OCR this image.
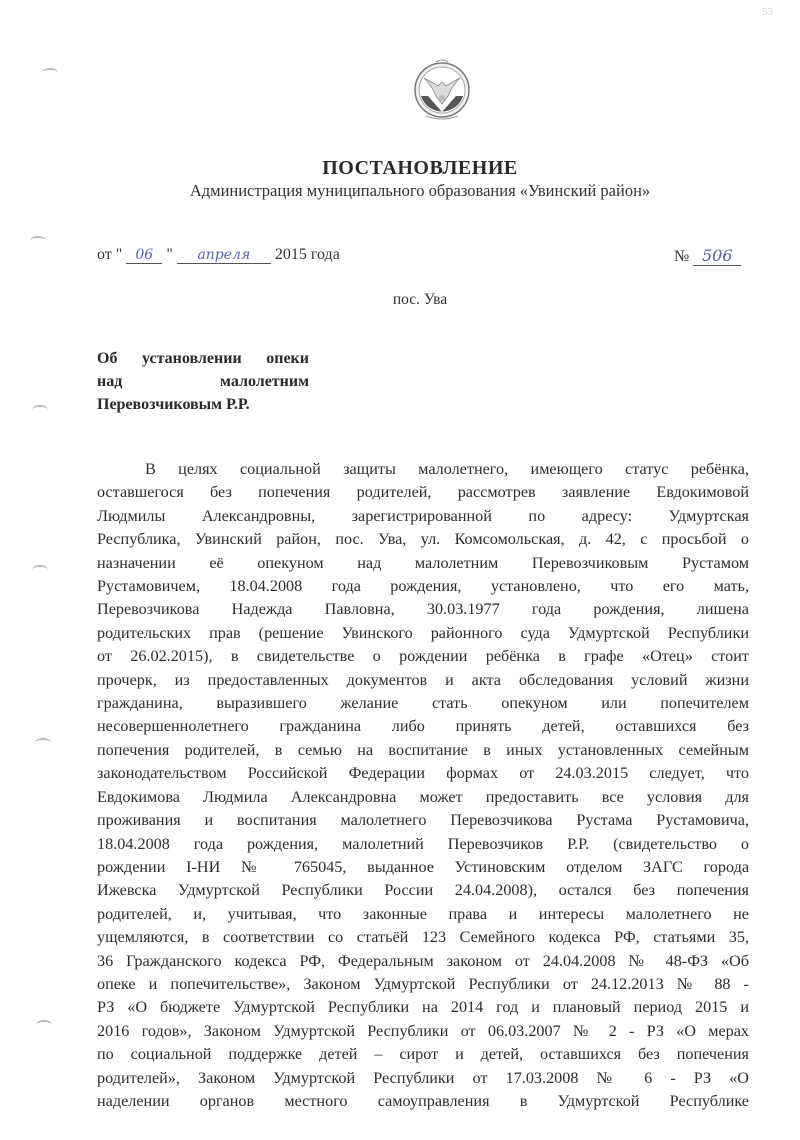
53
ПОСТАНОВЛЕНИЕ
Администрация муниципального образования «Увинский район»
от " 06 " апреля 2015 года	№ 506
пос. Ува
Об установлении опеки
над малолетним
Перевозчиковым Р.Р.
В целях социальной защиты малолетнего, имеющего статус ребёнка,
оставшегося без попечения родителей, рассмотрев заявление Евдокимовой
Людмилы Александровны, зарегистрированной по адресу: Удмуртская
Республика, Увинский район, пос. Ува, ул. Комсомольская, д. 42, с просьбой о
назначении её опекуном над малолетним Перевозчиковым Рустамом
Рустамовичем, 18.04.2008 года рождения, установлено, что его мать,
Перевозчикова Надежда Павловна, 30.03.1977 года рождения, лишена
родительских прав (решение Увинского районного суда Удмуртской Республики
от 26.02.2015), в свидетельстве о рождении ребёнка в графе «Отец» стоит
прочерк, из предоставленных документов и акта обследования условий жизни
гражданина, выразившего желание стать опекуном или попечителем
несовершеннолетнего гражданина либо принять детей, оставшихся без
попечения родителей, в семью на воспитание в иных установленных семейным
законодательством Российской Федерации формах от 24.03.2015 следует, что
Евдокимова Людмила Александровна может предоставить все условия для
проживания и воспитания малолетнего Перевозчикова Рустама Рустамовича,
18.04.2008 года рождения, малолетний Перевозчиков Р.Р. (свидетельство о
рождении I-НИ № 765045, выданное Устиновским отделом ЗАГС города
Ижевска Удмуртской Республики России 24.04.2008), остался без попечения
родителей, и, учитывая, что законные права и интересы малолетнего не
ущемляются, в соответствии со статьёй 123 Семейного кодекса РФ, статьями 35,
36 Гражданского кодекса РФ, Федеральным законом от 24.04.2008 № 48-ФЗ «Об
опеке и попечительстве», Законом Удмуртской Республики от 24.12.2013 № 88 -
РЗ «О бюджете Удмуртской Республики на 2014 год и плановый период 2015 и
2016 годов», Законом Удмуртской Республики от 06.03.2007 № 2 - РЗ «О мерах
по социальной поддержке детей – сирот и детей, оставшихся без попечения
родителей», Законом Удмуртской Республики от 17.03.2008 № 6 - РЗ «О
наделении органов местного самоуправления в Удмуртской Республике
